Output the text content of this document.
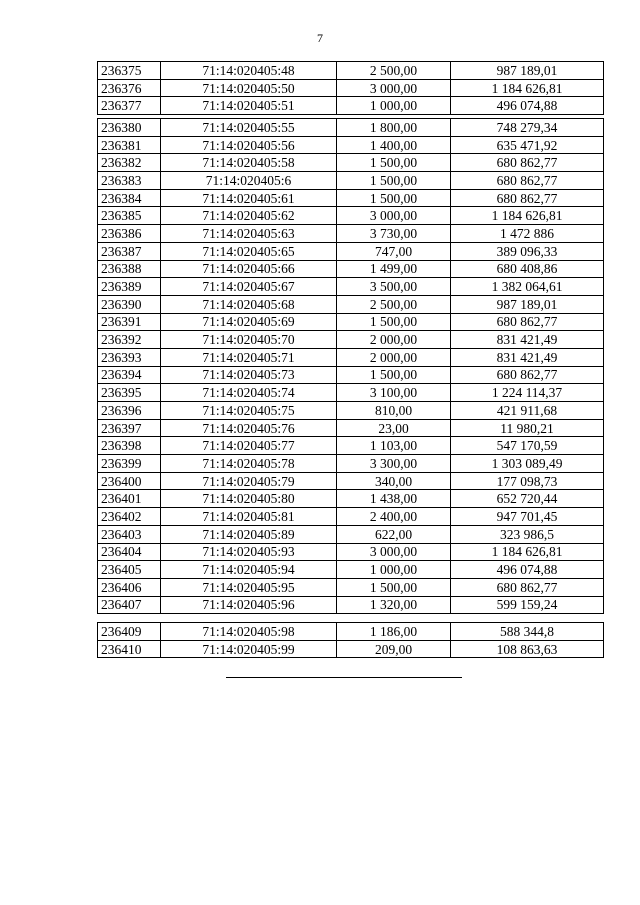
7
236375	71:14:020405:48	2 500,00	987 189,01
236376	71:14:020405:50	3 000,00	1 184 626,81
236377	71:14:020405:51	1 000,00	496 074,88
236380	71:14:020405:55	1 800,00	748 279,34
236381	71:14:020405:56	1 400,00	635 471,92
236382	71:14:020405:58	1 500,00	680 862,77
236383	71:14:020405:6	1 500,00	680 862,77
236384	71:14:020405:61	1 500,00	680 862,77
236385	71:14:020405:62	3 000,00	1 184 626,81
236386	71:14:020405:63	3 730,00	1 472 886
236387	71:14:020405:65	747,00	389 096,33
236388	71:14:020405:66	1 499,00	680 408,86
236389	71:14:020405:67	3 500,00	1 382 064,61
236390	71:14:020405:68	2 500,00	987 189,01
236391	71:14:020405:69	1 500,00	680 862,77
236392	71:14:020405:70	2 000,00	831 421,49
236393	71:14:020405:71	2 000,00	831 421,49
236394	71:14:020405:73	1 500,00	680 862,77
236395	71:14:020405:74	3 100,00	1 224 114,37
236396	71:14:020405:75	810,00	421 911,68
236397	71:14:020405:76	23,00	11 980,21
236398	71:14:020405:77	1 103,00	547 170,59
236399	71:14:020405:78	3 300,00	1 303 089,49
236400	71:14:020405:79	340,00	177 098,73
236401	71:14:020405:80	1 438,00	652 720,44
236402	71:14:020405:81	2 400,00	947 701,45
236403	71:14:020405:89	622,00	323 986,5
236404	71:14:020405:93	3 000,00	1 184 626,81
236405	71:14:020405:94	1 000,00	496 074,88
236406	71:14:020405:95	1 500,00	680 862,77
236407	71:14:020405:96	1 320,00	599 159,24
236409	71:14:020405:98	1 186,00	588 344,8
236410	71:14:020405:99	209,00	108 863,63
